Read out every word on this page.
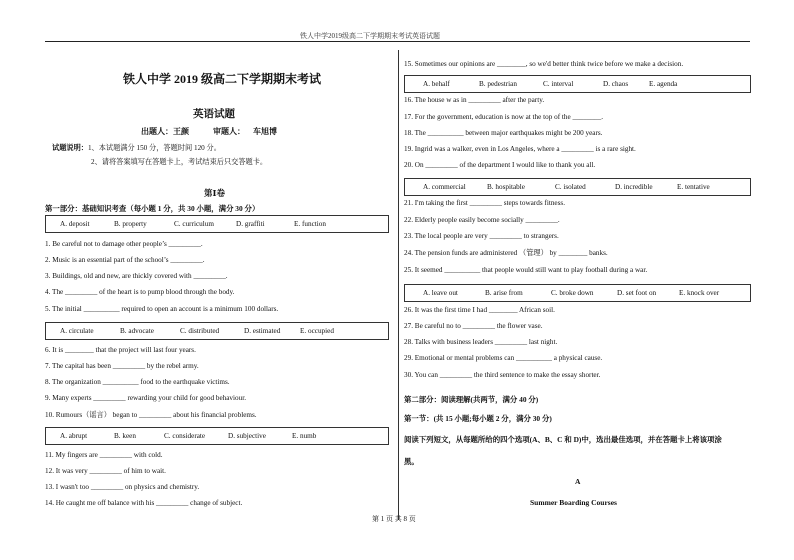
铁人中学2019级高二下学期期末考试英语试题
铁人中学 2019 级高二下学期期末考试
英语试题
出题人：王颜	审题人： 车旭博
试题说明：1、本试题满分 150 分，答题时间 120 分。
2、请将答案填写在答题卡上，考试结束后只交答题卡。
第Ⅰ卷
第一部分：基础知识考查（每小题 1 分，共 30 小题，满分 30 分）
A. deposit	B. property	C. curriculum	D. graffiti	E. function
1. Be careful not to damage other people’s _________.
2. Music is an essential part of the school’s _________.
3. Buildings, old and new, are thickly covered with _________.
4. The _________ of the heart is to pump blood through the body.
5. The initial __________ required to open an account is a minimum 100 dollars.
A. circulate	B. advocate	C. distributed	D. estimated	E. occupied
6. It is ________ that the project will last four years.
7. The capital has been _________ by the rebel army.
8. The organization __________ food to the earthquake victims.
9. Many experts _________ rewarding your child for good behaviour.
10. Rumours（谣言） began to _________ about his financial problems.
A. abrupt	B. keen	C. considerate	D. subjective	E. numb
11. My fingers are _________ with cold.
12. It was very _________ of him to wait.
13. I wasn't too _________ on physics and chemistry.
14. He caught me off balance with his _________ change of subject.
15. Sometimes our opinions are ________, so we'd better think twice before we make a decision.
A. behalf	B. pedestrian	C. interval	D. chaos	E. agenda
16. The house w as in _________ after the party.
17. For the government, education is now at the top of the ________.
18. The __________ between major earthquakes might be 200 years.
19. Ingrid was a walker, even in Los Angeles, where a _________ is a rare sight.
20. On _________ of the department I would like to thank you all.
A. commercial	B. hospitable	C. isolated	D. incredible	E. tentative
21. I'm taking the first _________ steps towards fitness.
22. Elderly people easily become socially _________.
23. The local people are very _________ to strangers.
24. The pension funds are administered （管理） by ________ banks.
25. It seemed __________ that people would still want to play football during a war.
A. leave out	B. arise from	C. broke down	D. set foot on	E. knock over
26. It was the first time I had ________ African soil.
27. Be careful no to _________ the flower vase.
28. Talks with business leaders _________ last night.
29. Emotional or mental problems can __________ a physical cause.
30. You can _________ the third sentence to make the essay shorter.
第二部分：阅读理解(共两节，满分 40 分)
第一节：(共 15 小题;每小题 2 分，满分 30 分)
阅读下列短文，从每题所给的四个选项(A、B、C 和 D)中，选出最佳选项，并在答题卡上将该项涂
黑。
A
Summer Boarding Courses
第 1 页 共 8 页
